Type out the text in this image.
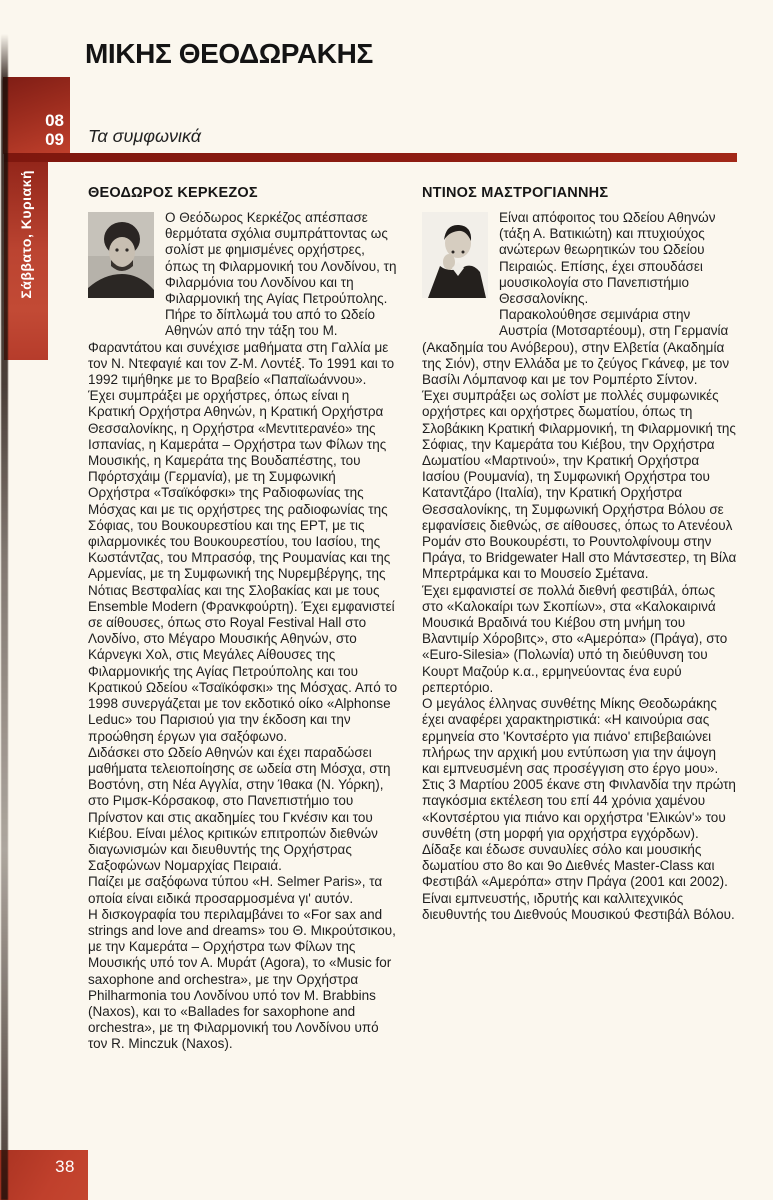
ΜΙΚΗΣ ΘΕΟΔΩΡΑΚΗΣ
08
09 Τα συμφωνικά

Σάββατο, Κυριακή	ΘΕΟΔΩΡΟΣ ΚΕΡΚΕΖΟΣ

Ο Θεόδωρος Κερκέζος απέσπασε θερμότατα σχόλια συμπράττοντας ως σολίστ με φημισμένες ορχήστρες, όπως τη Φιλαρμονική του Λονδίνου, τη Φιλαρμόνια του Λονδίνου και τη Φιλαρμονική της Αγίας Πετρούπολης.

Πήρε το δίπλωμά του από το Ωδείο Αθηνών από την τάξη του Μ. Φαραντάτου και συνέχισε μαθήματα στη Γαλλία με τον Ν. Ντεφαγιέ και τον Ζ-Μ. Λοντέξ. Το 1991 και το 1992 τιμήθηκε με το Βραβείο «Παπαϊωάννου».

Έχει συμπράξει με ορχήστρες, όπως είναι η Κρατική Ορχήστρα Αθηνών, η Κρατική Ορχήστρα Θεσσαλονίκης, η Ορχήστρα «Μεντιτερανέο» της Ισπανίας, η Καμεράτα – Ορχήστρα των Φίλων της Μουσικής, η Καμεράτα της Βουδαπέστης, του Πφόρτσχάιμ (Γερμανία), με τη Συμφωνική Ορχήστρα «Τσαϊκόφσκι» της Ραδιοφωνίας της Μόσχας και με τις ορχήστρες της ραδιοφωνίας της Σόφιας, του Βουκουρεστίου και της ΕΡΤ, με τις φιλαρμονικές του Βουκουρεστίου, του Ιασίου, της Κωστάντζας, του Μπρασόφ, της Ρουμανίας και της Αρμενίας, με τη Συμφωνική της Νυρεμβέργης, της Νότιας Βεστφαλίας και της Σλοβακίας και με τους Ensemble Modern (Φρανκφούρτη). Έχει εμφανιστεί σε αίθουσες, όπως στο Royal Festival Hall στο Λονδίνο, στο Μέγαρο Μουσικής Αθηνών, στο Κάρνεγκι Χολ, στις Μεγάλες Αίθουσες της Φιλαρμονικής της Αγίας Πετρούπολης και του Κρατικού Ωδείου «Τσαϊκόφσκι» της Μόσχας. Από το 1998 συνεργάζεται με τον εκδοτικό οίκο «Alphonse Leduc» του Παρισιού για την έκδοση και την προώθηση έργων για σαξόφωνο.

Διδάσκει στο Ωδείο Αθηνών και έχει παραδώσει μαθήματα τελειοποίησης σε ωδεία στη Μόσχα, στη Βοστόνη, στη Νέα Αγγλία, στην Ίθακα (Ν. Υόρκη), στο Ριμσκ-Κόρσακοφ, στο Πανεπιστήμιο του Πρίνστον και στις ακαδημίες του Γκνέσιν και του Κιέβου. Είναι μέλος κριτικών επιτροπών διεθνών διαγωνισμών και διευθυντής της Ορχήστρας Σαξοφώνων Νομαρχίας Πειραιά.

Παίζει με σαξόφωνα τύπου «H. Selmer Paris», τα οποία είναι ειδικά προσαρμοσμένα γι' αυτόν.

Η δισκογραφία του περιλαμβάνει το «For sax and strings and love and dreams» του Θ. Μικρούτσικου, με την Καμεράτα – Ορχήστρα των Φίλων της Μουσικής υπό τον Α. Μυράτ (Agora), το «Music for saxophone and orchestra», με την Ορχήστρα Philharmonia του Λονδίνου υπό τον M. Brabbins (Naxos), και το «Ballades for saxophone and orchestra», με τη Φιλαρμονική του Λονδίνου υπό τον R. Minczuk (Naxos).

ΝΤΙΝΟΣ ΜΑΣΤΡΟΓΙΑΝΝΗΣ

Είναι απόφοιτος του Ωδείου Αθηνών (τάξη Α. Βατικιώτη) και πτυχιούχος ανώτερων θεωρητικών του Ωδείου Πειραιώς. Επίσης, έχει σπουδάσει μουσικολογία στο Πανεπιστήμιο Θεσσαλονίκης.

Παρακολούθησε σεμινάρια στην Αυστρία (Μοτσαρτέουμ), στη Γερμανία (Ακαδημία του Ανόβερου), στην Ελβετία (Ακαδημία της Σιόν), στην Ελλάδα με το ζεύγος Γκάνεφ, με τον Βασίλι Λόμπανοφ και με τον Ρομπέρτο Σίντον.

Έχει συμπράξει ως σολίστ με πολλές συμφωνικές ορχήστρες και ορχήστρες δωματίου, όπως τη Σλοβάκικη Κρατική Φιλαρμονική, τη Φιλαρμονική της Σόφιας, την Καμεράτα του Κιέβου, την Ορχήστρα Δωματίου «Μαρτινού», την Κρατική Ορχήστρα Ιασίου (Ρουμανία), τη Συμφωνική Ορχήστρα του Καταντζάρο (Ιταλία), την Κρατική Ορχήστρα Θεσσαλονίκης, τη Συμφωνική Ορχήστρα Βόλου σε εμφανίσεις διεθνώς, σε αίθουσες, όπως το Ατενέουλ Ρομάν στο Βουκουρέστι, το Ρουντολφίνουμ στην Πράγα, το Bridgewater Hall στο Μάντσεστερ, τη Βίλα Μπερτράμκα και το Μουσείο Σμέτανα.

Έχει εμφανιστεί σε πολλά διεθνή φεστιβάλ, όπως στο «Καλοκαίρι των Σκοπίων», στα «Καλοκαιρινά Μουσικά Βραδινά του Κιέβου στη μνήμη του Βλαντιμίρ Χόροβιτς», στο «Αμερόπα» (Πράγα), στο «Euro-Silesia» (Πολωνία) υπό τη διεύθυνση του Κουρτ Μαζούρ κ.α., ερμηνεύοντας ένα ευρύ ρεπερτόριο.

Ο μεγάλος έλληνας συνθέτης Μίκης Θεοδωράκης έχει αναφέρει χαρακτηριστικά: «Η καινούρια σας ερμηνεία στο 'Κοντσέρτο για πιάνο' επιβεβαιώνει πλήρως την αρχική μου εντύπωση για την άψογη και εμπνευσμένη σας προσέγγιση στο έργο μου».

Στις 3 Μαρτίου 2005 έκανε στη Φινλανδία την πρώτη παγκόσμια εκτέλεση του επί 44 χρόνια χαμένου «Κοντσέρτου για πιάνο και ορχήστρα 'Ελικών'» του συνθέτη (στη μορφή για ορχήστρα εγχόρδων).

Δίδαξε και έδωσε συναυλίες σόλο και μουσικής δωματίου στο 8ο και 9ο Διεθνές Master-Class και Φεστιβάλ «Αμερόπα» στην Πράγα (2001 και 2002). Είναι εμπνευστής, ιδρυτής και καλλιτεχνικός διευθυντής του Διεθνούς Μουσικού Φεστιβάλ Βόλου.

38
